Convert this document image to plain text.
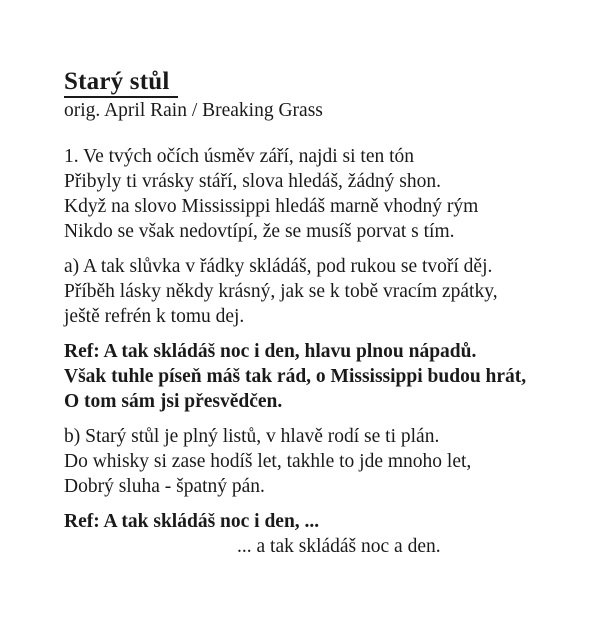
Starý stůl
orig. April Rain / Breaking Grass
1. Ve tvých očích úsměv září, najdi si ten tón
Přibyly ti vrásky stáří, slova hledáš, žádný shon.
Když na slovo Mississippi hledáš marně vhodný rým
Nikdo se však nedovtípí, že se musíš porvat s tím.
a) A tak slůvka v řádky skládáš, pod rukou se tvoří děj.
Příběh lásky někdy krásný, jak se k tobě vracím zpátky,
ještě refrén k tomu dej.
Ref: A tak skládáš noc i den, hlavu plnou nápadů.
Však tuhle píseň máš tak rád, o Mississippi budou hrát,
O tom sám jsi přesvědčen.
b) Starý stůl je plný listů, v hlavě rodí se ti plán.
Do whisky si zase hodíš let, takhle to jde mnoho let,
Dobrý sluha - špatný pán.
Ref: A tak skládáš noc i den, ...
... a tak skládáš noc a den.
